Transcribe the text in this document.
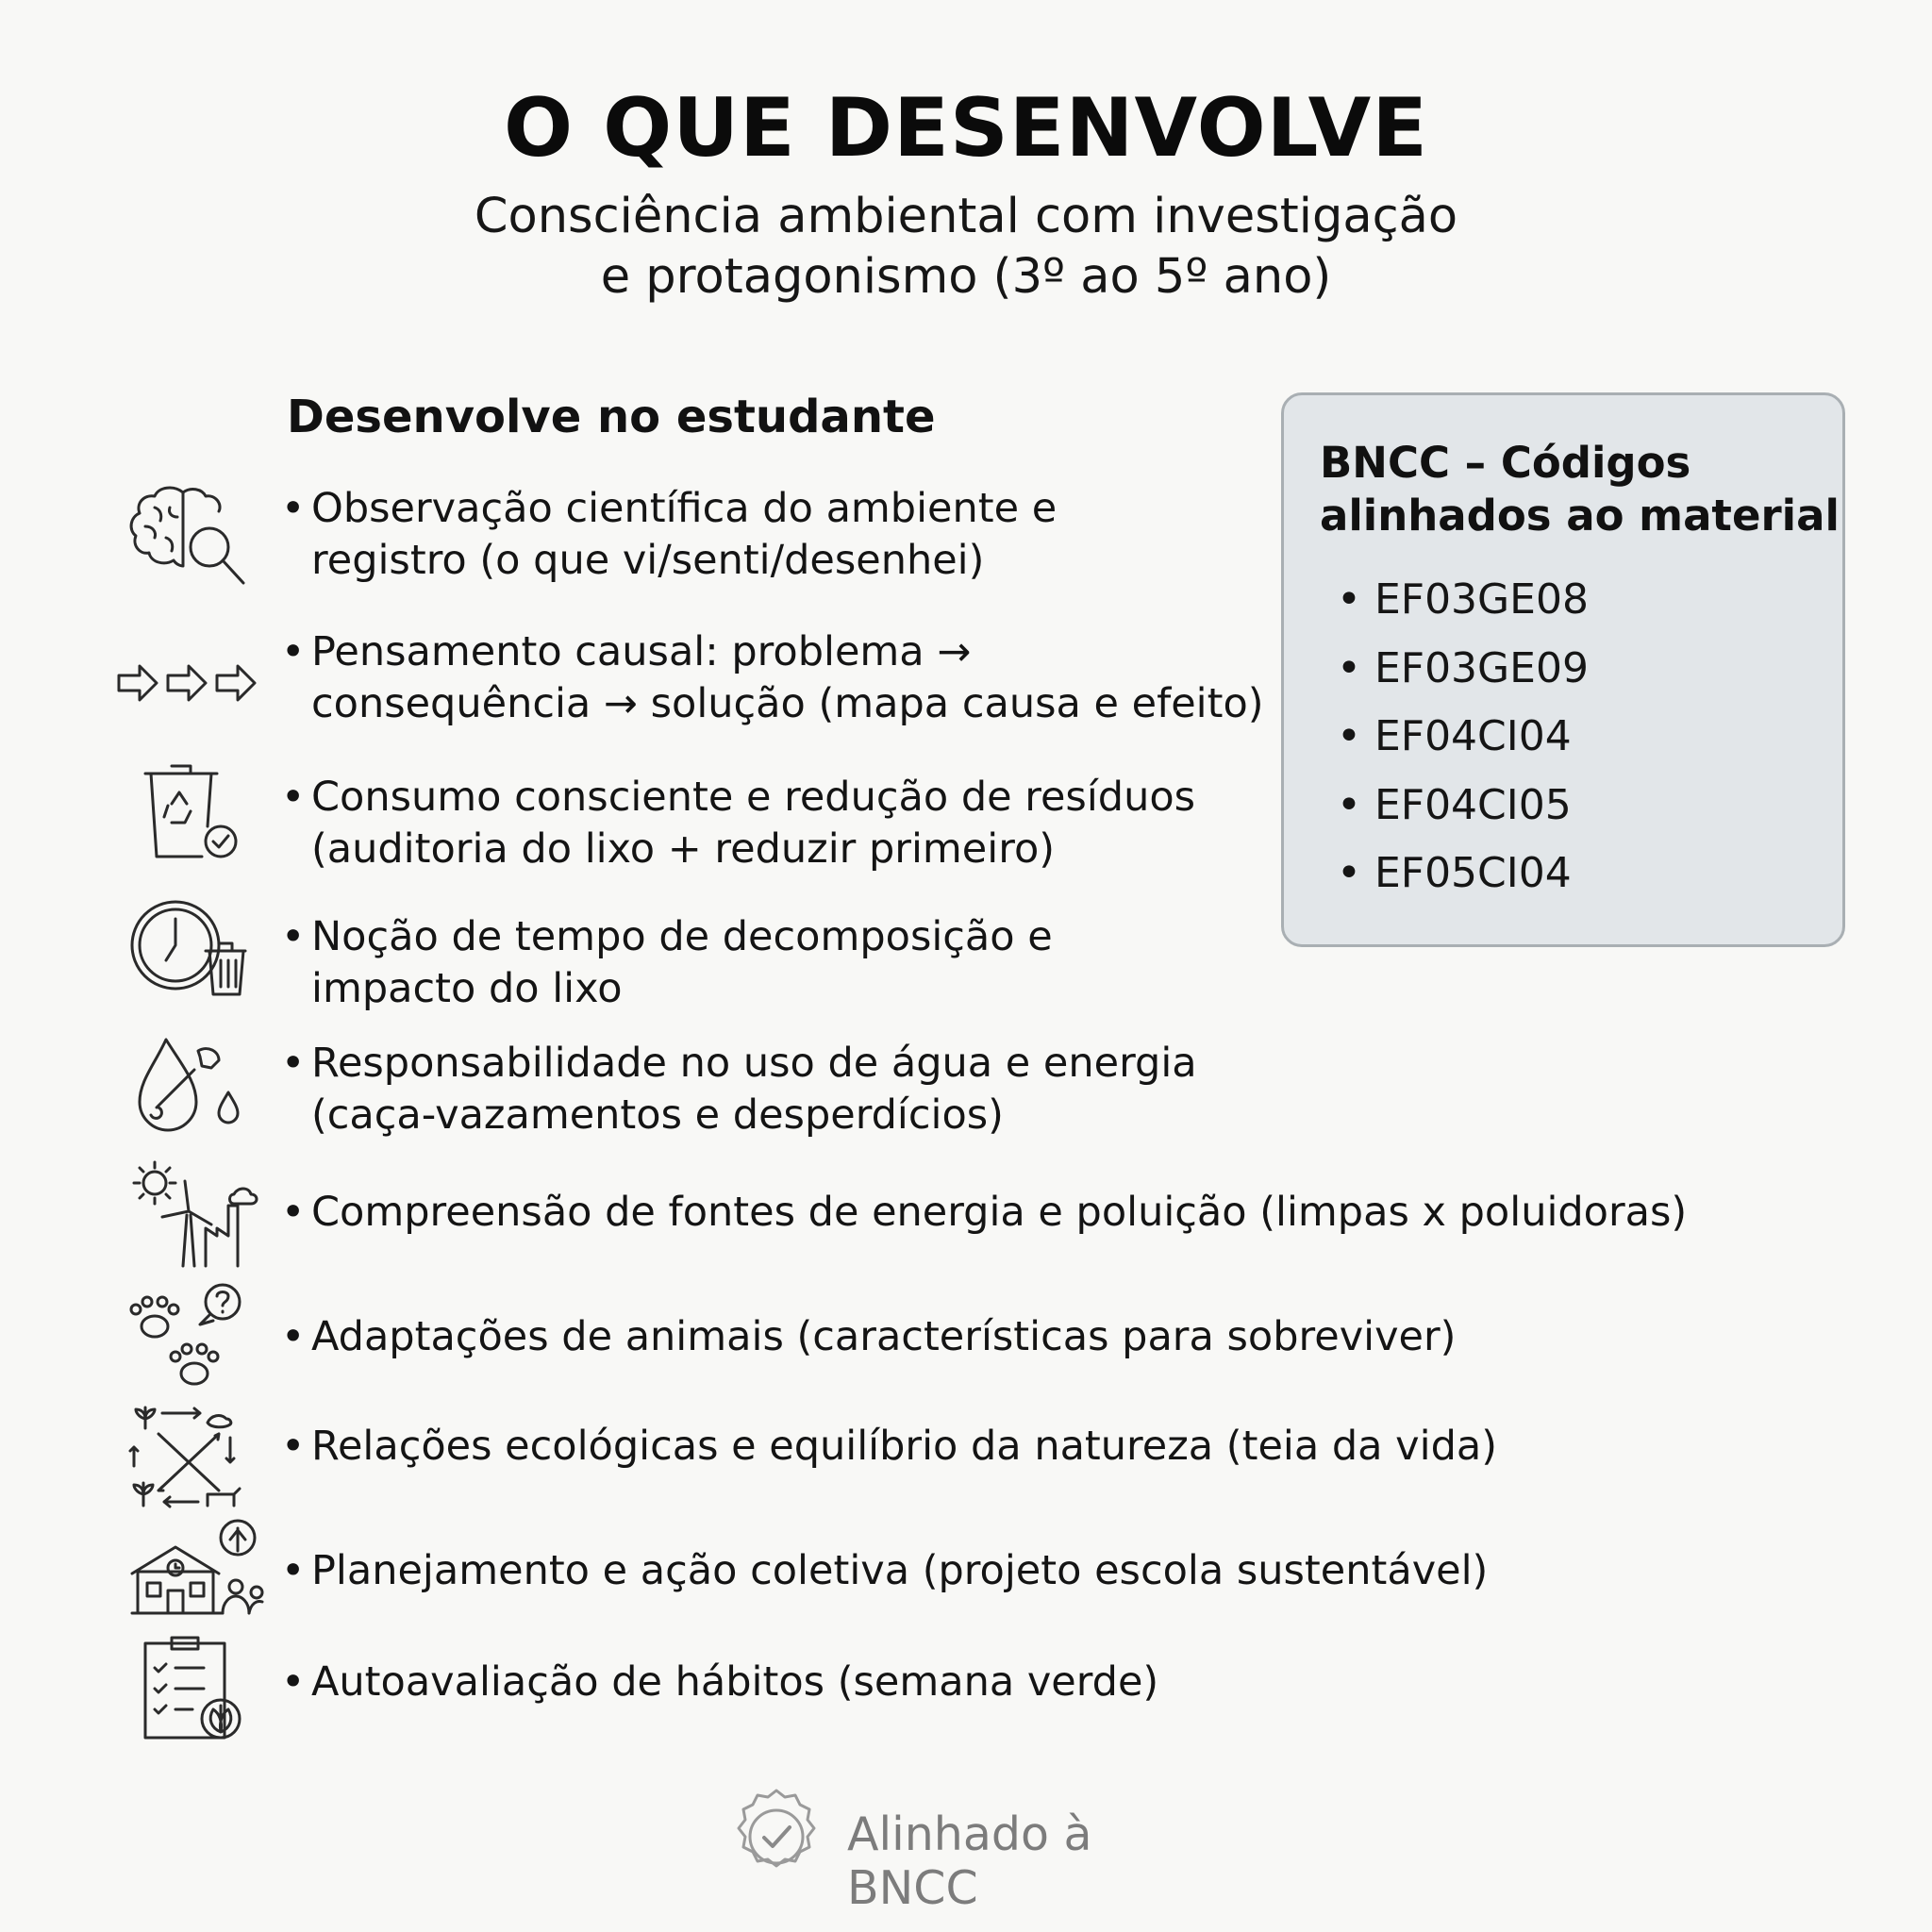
O QUE DESENVOLVE
Consciência ambiental com investigação
e protagonismo (3º ao 5º ano)
Desenvolve no estudante
• Observação científica do ambiente e
registro (o que vi/senti/desenhei)
• Pensamento causal: problema →
consequência → solução (mapa causa e efeito)
• Consumo consciente e redução de resíduos
(auditoria do lixo + reduzir primeiro)
• Noção de tempo de decomposição e
impacto do lixo
• Responsabilidade no uso de água e energia
(caça-vazamentos e desperdícios)
• Compreensão de fontes de energia e poluição (limpas x poluidoras)
• Adaptações de animais (características para sobreviver)
• Relações ecológicas e equilíbrio da natureza (teia da vida)
• Planejamento e ação coletiva (projeto escola sustentável)
• Autoavaliação de hábitos (semana verde)
BNCC – Códigos
alinhados ao material
• EF03GE08
• EF03GE09
• EF04CI04
• EF04CI05
• EF05CI04
Alinhado à BNCC
